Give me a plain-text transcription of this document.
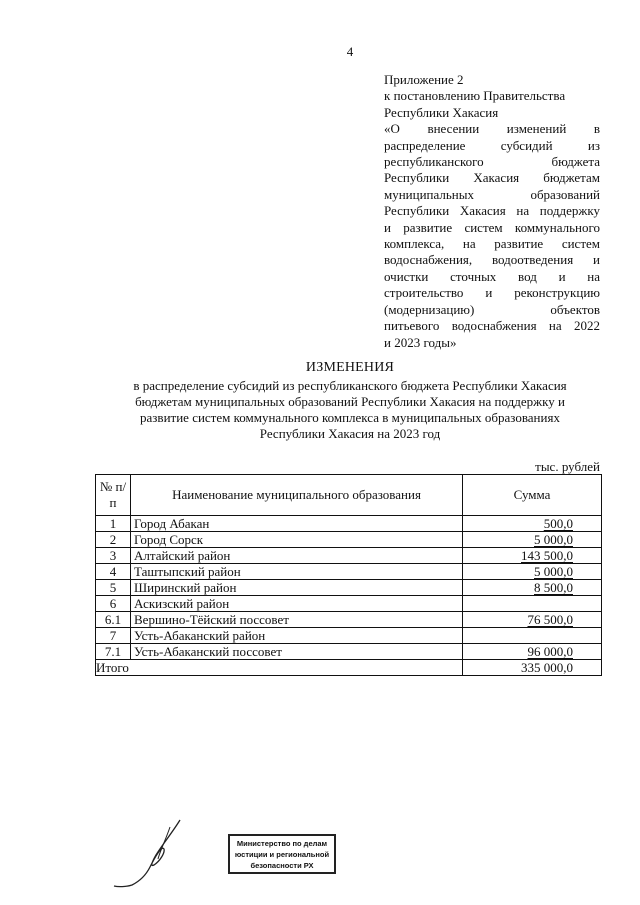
4
Приложение 2
к постановлению Правительства
Республики Хакасия

«О внесении изменений в

распределение субсидий из

республиканского бюджета

Республики Хакасия бюджетам

муниципальных образований

Республики Хакасия на поддержку

и развитие систем коммунального

комплекса, на развитие систем

водоснабжения, водоотведения и

очистки сточных вод и на

строительство и реконструкцию

(модернизацию) объектов

питьевого водоснабжения на 2022

и 2023 годы»

ИЗМЕНЕНИЯ
в распределение субсидий из республиканского бюджета Республики Хакасия
бюджетам муниципальных образований Республики Хакасия на поддержку и
развитие систем коммунального комплекса в муниципальных образованиях
Республики Хакасия на 2023 год
тыс. рублей
№ п/п	Наименование муниципального образования	Сумма
1	Город Абакан	500,0
2	Город Сорск	5 000,0
3	Алтайский район	143 500,0
4	Таштыпский район	5 000,0
5	Ширинский район	8 500,0
6	Аскизский район	
6.1	Вершино-Тёйский поссовет	76 500,0
7	Усть-Абаканский район	
7.1	Усть-Абаканский поссовет	96 000,0
Итого		335 000,0
Министерство по делам
юстиции и региональной
безопасности РХ
